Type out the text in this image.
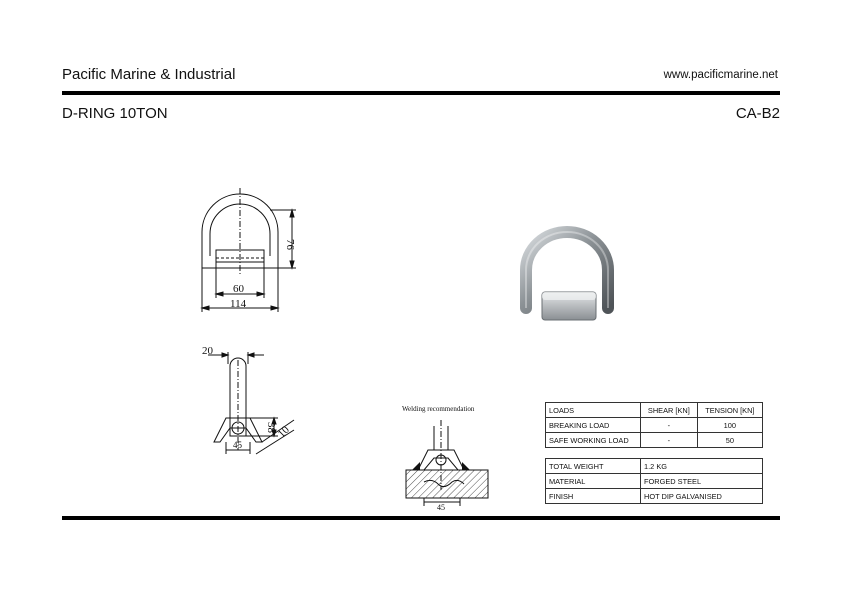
Pacific Marine & Industrial	www.pacificmarine.net
D-RING 10TON	CA-B2
76
60
114
20
38
45
10
Welding recommendation
45
LOADS	SHEAR [KN]	TENSION [KN]
BREAKING LOAD	-	100
SAFE WORKING LOAD	-	50
TOTAL WEIGHT	1.2 KG
MATERIAL	FORGED STEEL
FINISH	HOT DIP GALVANISED
